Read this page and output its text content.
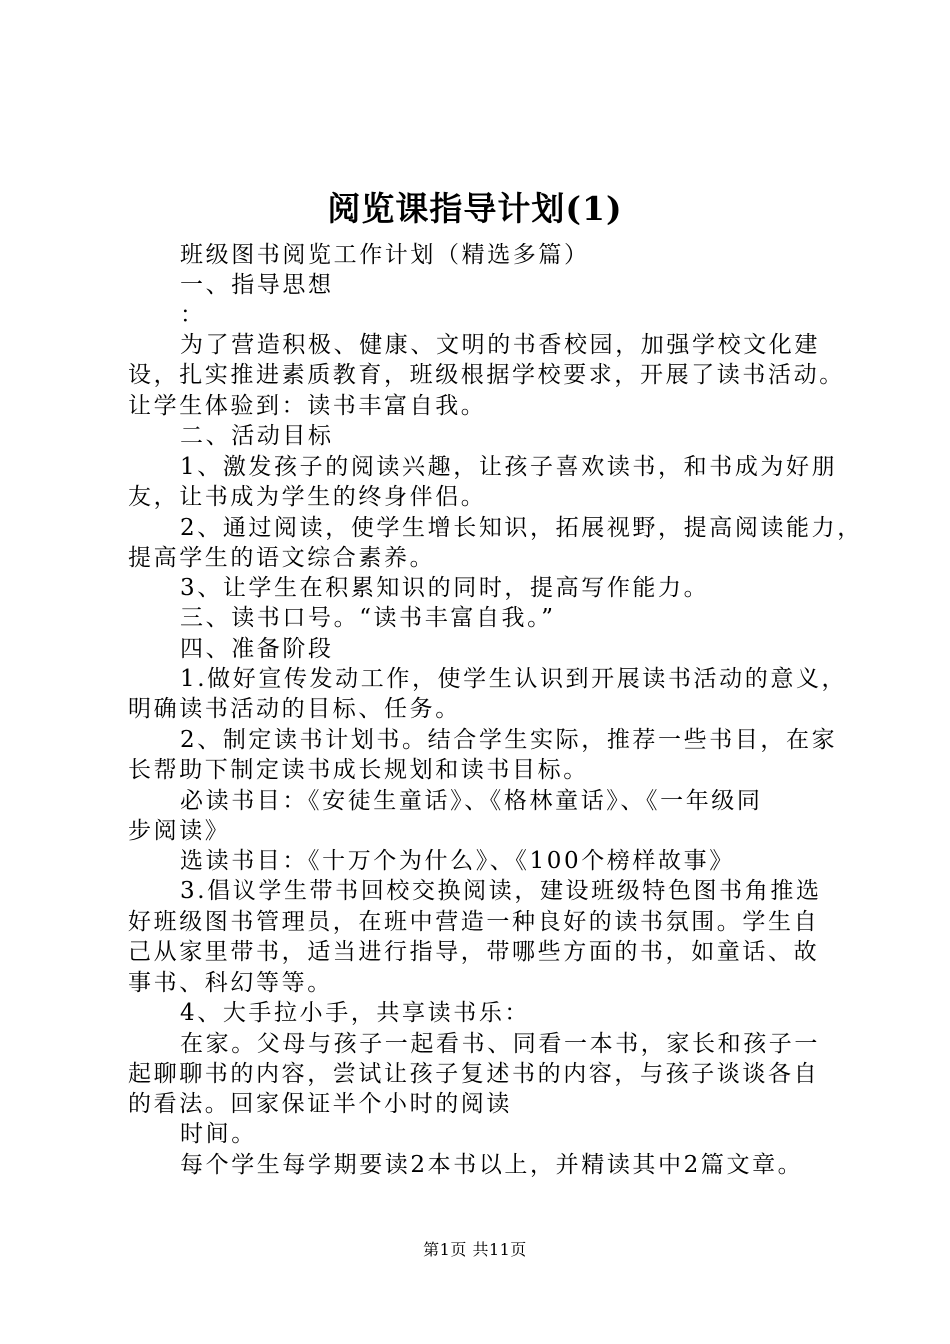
阅览课指导计划(1)
班级图书阅览工作计划（精选多篇）
一、指导思想
：
为了营造积极、健康、文明的书香校园，加强学校文化建
设，扎实推进素质教育，班级根据学校要求，开展了读书活动。
让学生体验到：读书丰富自我。
二、活动目标
1、激发孩子的阅读兴趣，让孩子喜欢读书，和书成为好朋
友，让书成为学生的终身伴侣。
2、通过阅读，使学生增长知识，拓展视野，提高阅读能力，
提高学生的语文综合素养。
3、让学生在积累知识的同时，提高写作能力。
三、读书口号。“读书丰富自我。”
四、准备阶段
1.做好宣传发动工作，使学生认识到开展读书活动的意义，
明确读书活动的目标、任务。
2、制定读书计划书。结合学生实际，推荐一些书目，在家
长帮助下制定读书成长规划和读书目标。
必读书目：《安徒生童话》、《格林童话》、《一年级同
步阅读》
选读书目：《十万个为什么》、《100个榜样故事》
3.倡议学生带书回校交换阅读，建设班级特色图书角推选
好班级图书管理员，在班中营造一种良好的读书氛围。学生自
己从家里带书，适当进行指导，带哪些方面的书，如童话、故
事书、科幻等等。
4、大手拉小手，共享读书乐：
在家。父母与孩子一起看书、同看一本书，家长和孩子一
起聊聊书的内容，尝试让孩子复述书的内容，与孩子谈谈各自
的看法。回家保证半个小时的阅读
时间。
每个学生每学期要读2本书以上，并精读其中2篇文章。
第1页 共11页
